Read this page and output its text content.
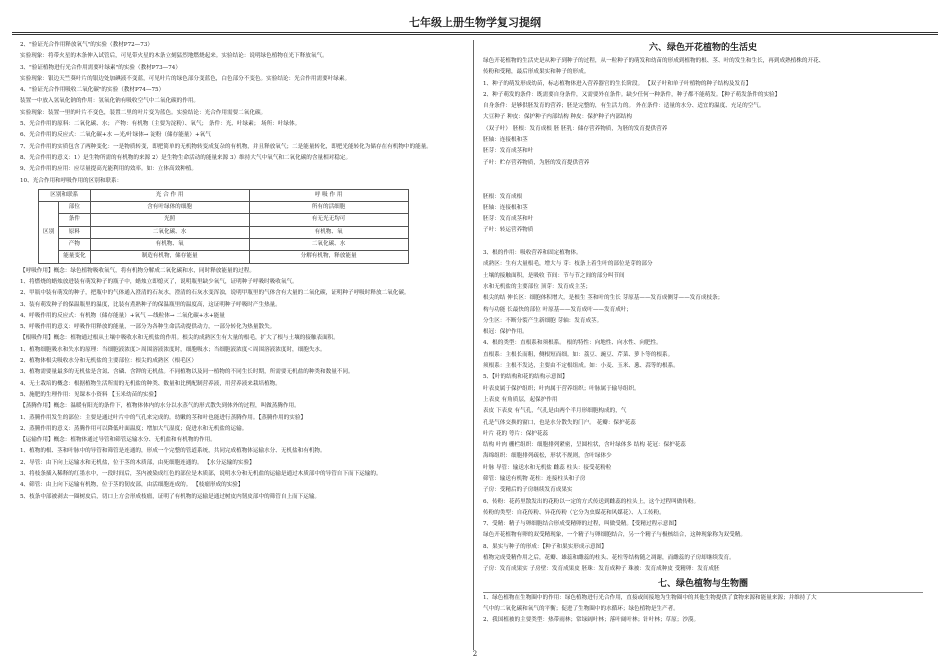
七年级上册生物学复习提纲
2、"验证光合作用释放氧气"的实验（教材P72—73）
实验现象：将带火星的木条伸入试管后，可见带火星的木条立刻猛烈地燃烧起来。实验结论：说明绿色植物在光下释放氧气。
3、"验证植物进行光合作用需要叶绿素"的实验（教材P73—74）
实验现象：银边天竺葵叶片的银边处加碘液不变蓝，可见叶片的绿色部分变蓝色，白色部分不变色。实验结论：光合作用需要叶绿素。
4、"验证光合作用吸收二氧化碳"的实验（教材P74—75）
装置一中放入氢氧化钠的作用：氢氧化钠有吸收空气中二氧化碳的作用。
实验现象：装置一里的叶片不变色，装置二里的叶片变为蓝色。实验结论：光合作用需要二氧化碳。
5、光合作用的原料：二氧化碳、水； 产物：有机物（主要为淀粉）、氧气； 条件：光、叶绿素； 场所：叶绿体。
6、光合作用的反应式：二氧化碳+水 —光/叶绿体→ 淀粉（储存能量）+氧气
7、光合作用的实质包含了两种变化：一是物质转变，即把简单的无机物转变成复杂的有机物，并且释放氧气；二是能量转化，即把光能转化为储存在有机物中的能量。
8、光合作用的意义：1）是生物所需的有机物的来源 2）是生物生命活动的能量来源 3）维持大气中氧气和二氧化碳的含量相对稳定。
9、光合作用的应用：应尽量提高光能利用的效率。如：立体高效种植。
10、光合作用和呼吸作用的区别和联系：
区别和联系		光 合 作 用	呼 吸 作 用
区别	部位	含有叶绿体的细胞	所有的活细胞
	条件	光照	有无光无均可
	原料	二氧化碳、水	有机物、氧
	产物	有机物、氧	二氧化碳、水
	能量变化	制造有机物，储存能量	分解有机物，释放能量
【呼吸作用】概念：绿色植物吸收氧气，将有机物分解成二氧化碳和水，同时释放能量的过程。
1、将燃烧的蜡烛放进装有萌发种子的瓶子中，蜡烛立即熄灭了，说明瓶里缺少氧气，证明种子呼吸时吸收氧气。
2、甲瓶中装有萌发的种子，把瓶中的气体通入澄清的石灰水，澄清的石灰水变浑浊，说明甲瓶里的气体含有大量的二氧化碳，证明种子呼吸时释放二氧化碳。
3、装有萌发种子的保温瓶里的温度，比装有煮熟种子的保温瓶里的温度高，这证明种子呼吸时产生热量。
4、呼吸作用的反应式：有机物（储存能量）+氧气 —线粒体→ 二氧化碳+水+能量
5、呼吸作用的意义：呼吸作用释放的能量，一部分为各种生命活动提供动力，一部分转化为热量散失。
【根吸作用】概念：植物通过根从土壤中吸收水和无机盐的作用。根尖的成熟区生有大量的根毛，扩大了根与土壤的接触表面积。
1、植物细胞吸水和失水的原理：当细胞液浓度＞周围溶液浓度时，细胞吸水；当细胞液浓度＜周围溶液浓度时，细胞失水。
2、植物体根尖吸收水分和无机盐的主要部位：根尖的成熟区（根毛区）
3、植物需要量最多的无机盐是含氮、含磷、含钾的无机盐。不同植物以及同一植物的不同生长时期，所需要无机盐的种类和数量不同。
4、无土栽培的概念：根据植物生活所需的无机盐的种类、数量和比例配制营养液，用营养液来栽培植物。
5、施肥的生理作用：见课本小资料 【玉米幼苗的实验】
【蒸腾作用】概念：温暖有阳光的条件下，植物体体内的水分以水蒸气的形式散失到体外的过程，叫做蒸腾作用。
1、蒸腾作用发生的部位：主要是通过叶片中的气孔来完成的。幼嫩的茎和叶也能进行蒸腾作用。【蒸腾作用的实验】
2、蒸腾作用的意义：蒸腾作用可以降低叶面温度；增加大气湿度；促进水和无机盐的运输。
【运输作用】概念：植物体通过导管和筛管运输水分、无机盐和有机物的作用。
1、植物的根、茎和叶脉中的导管和筛管是连通的，形成一个完整的管道系统，共同完成植物体运输水分、无机盐和有机物。
2、导管：由下向上运输水和无机盐，位于茎的木质部，由死细胞连通的。 【水分运输的实验】
3、将枝条插入稀释的红墨水中，一段时间后，茎内被染成红色的部位是木质部，说明水分和无机盐的运输是通过木质部中的导管自下而下运输的。
4、筛管：由上向下运输有机物，位于茎的韧皮部，由活细胞连成的。 【枝瘤形成的实验】
5、枝条中部被剥去一圈树皮后，切口上方会形成枝瘤，证明了有机物的运输是通过树皮内韧皮部中的筛管自上而下运输。
六、绿色开花植物的生活史
绿色开花植物的生活史是从种子到种子的过程，从一粒种子的萌发和幼苗的形成到植物的根、茎、叶的发生和生长，再到成熟植株的开花、
传粉和受精，最后形成果实和种子的形成。
1、种子的萌发形成幼苗，标志植物体进入营养器官的生长阶段。 【双子叶和单子叶植物的种子结构及发育】
2、种子萌发的条件：既需要自身条件，又需要外在条件。缺少任何一种条件，种子都不能萌发。【种子萌发条件的实验】
自身条件：是够供胚发育的营养；胚是完整的，有生活力的。 外在条件：适量的水分、适宜的温度、充足的空气。
大豆种子 种皮：保护种子内部结构 种皮：保护种子内部结构
（双子叶） 胚根：发育成根 胚 胚乳：储存营养物质，为胚的发育提供营养
胚轴：连接根和茎
胚芽：发育成茎和叶
子叶：贮存营养物质，为胚的发育提供营养
胚根：发育成根
胚轴：连接根和茎
胚芽：发育成茎和叶
子叶：转运营养物质
3、根的作用：吸收营养和固定植物体。
成熟区：生有大量根毛，增大与 芽：枝条上着生叶的部位是芽的部分
土壤的接触面积，是吸收 节间：节与节之间的部分叫节间
水和无机盐的主要部位 顶芽：发育成主茎；
根尖的结 伸长区：细胞体积增大，是根生 茎和叶的生长 芽原基——发育成侧芽——发育成枝条；
构与功能 长最快的部位 叶原基——发育成叶——发育成叶；
分生区：不断分裂产生新细胞 芽轴：发育成茎。
根冠：保护作用。
4、根的类型：直根系和须根系。 根的特性：向地性、向水性、向肥性。
直根系：主根长而粗，侧根短而细。如：荔豆、豌豆、芹菜、萝卜等的根系。
须根系：主根不发达，主要由不定根组成。如：小麦、玉米、葱、蒜等的根系。
5、【叶的结构和花的结构示意图】
叶表皮属于保护组织；叶肉属于营养组织；叶脉属于输导组织。
上表皮 有角质层，起保护作用
表皮 下表皮 有气孔，气孔是由两个半月形细胞构成的，气
孔是气体交换的窗口，也是水分散失的门户。 花瓣：保护花蕊
叶片 花的 萼片：保护花蕊
结构 叶肉 栅栏组织：细胞排列紧密，呈圆柱状，含叶绿体多 结构 花冠：保护花蕊
海绵组织：细胞排列疏松，形状不规则，含叶绿体少
叶脉 导管：输送水和无机盐 雌蕊 柱头：接受花粉粒
筛管：输送有机物 花柱：连接柱头和子房
子房：受精后的子房继续发育成果实
6、传粉：花药里散发出的花粉以一定的方式传送到雌蕊的柱头上，这个过程叫做传粉。
传粉的类型：自花传粉、异花传粉（它分为虫媒花和风媒花）、人工传粉。
7、受精：精子与卵细胞结合形成受精卵的过程，叫做受精。【受精过程示意图】
绿色开花植物有卵的双受精现象，一个精子与卵细胞结合，另一个精子与极核结合，这种现象称为双受精。
8、果实与种子的形成：【种子和果实形成示意图】
植物完成受精作用之后，花瓣、雄蕊和雌蕊的柱头、花柱等结构随之凋谢，而雌蕊的子房却继续发育。
子房：发育成果实 子房壁：发育成果皮 胚珠：发育成种子 珠被：发育成种皮 受精卵：发育成胚
七、绿色植物与生物圈
1、绿色植物在生物圈中的作用：绿色植物进行光合作用，直接或间接地为生物圈中的其他生物提供了食物来源和能量来源；并维持了大
气中的二氧化碳和氧气的平衡；促进了生物圈中的水循环；绿色植物是生产者。
2、我国植被的主要类型：热带雨林；常绿阔叶林；落叶阔叶林；针叶林；草原；沙漠。
2
